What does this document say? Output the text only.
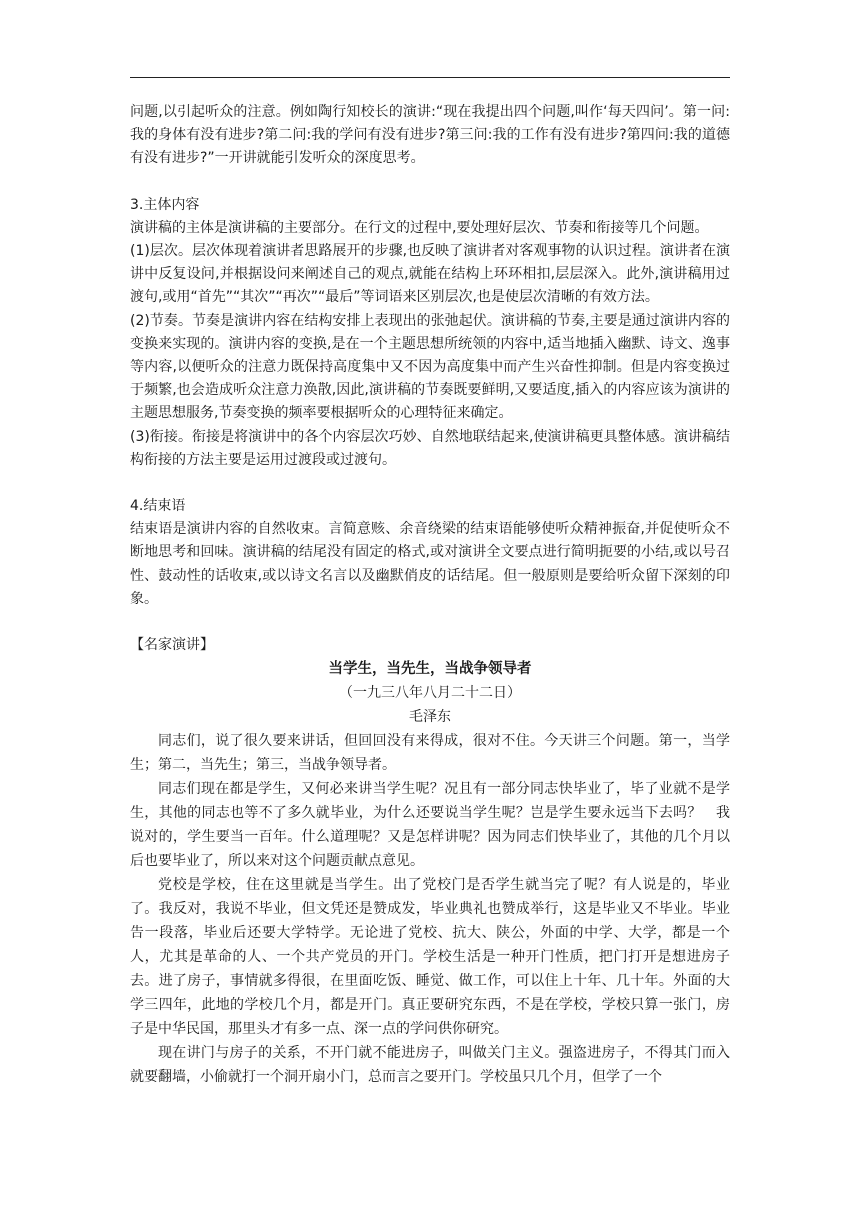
问题,以引起听众的注意。例如陶行知校长的演讲:“现在我提出四个问题,叫作‘每天四问’。第一问:我的身体有没有进步?第二问:我的学问有没有进步?第三问:我的工作有没有进步?第四问:我的道德有没有进步?”一开讲就能引发听众的深度思考。

3.主体内容

演讲稿的主体是演讲稿的主要部分。在行文的过程中,要处理好层次、节奏和衔接等几个问题。

(1)层次。层次体现着演讲者思路展开的步骤,也反映了演讲者对客观事物的认识过程。演讲者在演讲中反复设问,并根据设问来阐述自己的观点,就能在结构上环环相扣,层层深入。此外,演讲稿用过渡句,或用“首先”“其次”“再次”“最后”等词语来区别层次,也是使层次清晰的有效方法。

(2)节奏。节奏是演讲内容在结构安排上表现出的张弛起伏。演讲稿的节奏,主要是通过演讲内容的变换来实现的。演讲内容的变换,是在一个主题思想所统领的内容中,适当地插入幽默、诗文、逸事等内容,以便听众的注意力既保持高度集中又不因为高度集中而产生兴奋性抑制。但是内容变换过于频繁,也会造成听众注意力涣散,因此,演讲稿的节奏既要鲜明,又要适度,插入的内容应该为演讲的主题思想服务,节奏变换的频率要根据听众的心理特征来确定。

(3)衔接。衔接是将演讲中的各个内容层次巧妙、自然地联结起来,使演讲稿更具整体感。演讲稿结构衔接的方法主要是运用过渡段或过渡句。

4.结束语

结束语是演讲内容的自然收束。言简意赅、余音绕梁的结束语能够使听众精神振奋,并促使听众不断地思考和回味。演讲稿的结尾没有固定的格式,或对演讲全文要点进行简明扼要的小结,或以号召性、鼓动性的话收束,或以诗文名言以及幽默俏皮的话结尾。但一般原则是要给听众留下深刻的印象。

【名家演讲】

当学生，当先生，当战争领导者

（一九三八年八月二十二日）

毛泽东

同志们，说了很久要来讲话，但回回没有来得成，很对不住。今天讲三个问题。第一，当学生；第二，当先生；第三，当战争领导者。

同志们现在都是学生，又何必来讲当学生呢？况且有一部分同志快毕业了，毕了业就不是学生，其他的同志也等不了多久就毕业，为什么还要说当学生呢？岂是学生要永远当下去吗？　我说对的，学生要当一百年。什么道理呢？又是怎样讲呢？因为同志们快毕业了，其他的几个月以后也要毕业了，所以来对这个问题贡献点意见。

党校是学校，住在这里就是当学生。出了党校门是否学生就当完了呢？有人说是的，毕业了。我反对，我说不毕业，但文凭还是赞成发，毕业典礼也赞成举行，这是毕业又不毕业。毕业告一段落，毕业后还要大学特学。无论进了党校、抗大、陕公，外面的中学、大学，都是一个人，尤其是革命的人、一个共产党员的开门。学校生活是一种开门性质，把门打开是想进房子去。进了房子，事情就多得很，在里面吃饭、睡觉、做工作，可以住上十年、几十年。外面的大学三四年，此地的学校几个月，都是开门。真正要研究东西，不是在学校，学校只算一张门，房子是中华民国，那里头才有多一点、深一点的学问供你研究。

现在讲门与房子的关系，不开门就不能进房子，叫做关门主义。强盗进房子，不得其门而入就要翻墙，小偷就打一个洞开扇小门，总而言之要开门。学校虽只几个月，但学了一个
